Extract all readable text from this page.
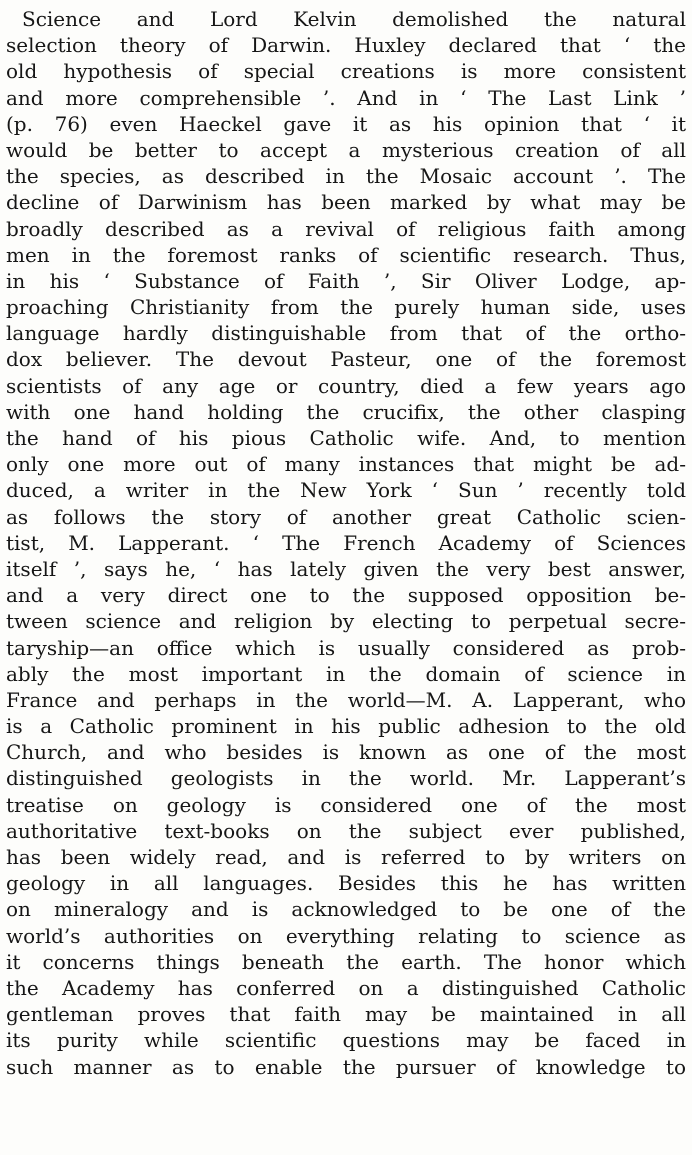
Science and Lord Kelvin demolished the natural
selection theory of Darwin. Huxley declared that ‘ the
old hypothesis of special creations is more consistent
and more comprehensible ’. And in ‘ The Last Link ’
(p. 76) even Haeckel gave it as his opinion that ‘ it
would be better to accept a mysterious creation of all
the species, as described in the Mosaic account ’. The
decline of Darwinism has been marked by what may be
broadly described as a revival of religious faith among
men in the foremost ranks of scientific research. Thus,
in his ‘ Substance of Faith ’, Sir Oliver Lodge, ap-
proaching Christianity from the purely human side, uses
language hardly distinguishable from that of the ortho-
dox believer. The devout Pasteur, one of the foremost
scientists of any age or country, died a few years ago
with one hand holding the crucifix, the other clasping
the hand of his pious Catholic wife. And, to mention
only one more out of many instances that might be ad-
duced, a writer in the New York ‘ Sun ’ recently told
as follows the story of another great Catholic scien-
tist, M. Lapperant. ‘ The French Academy of Sciences
itself ’, says he, ‘ has lately given the very best answer,
and a very direct one to the supposed opposition be-
tween science and religion by electing to perpetual secre-
taryship—an office which is usually considered as prob-
ably the most important in the domain of science in
France and perhaps in the world—M. A. Lapperant, who
is a Catholic prominent in his public adhesion to the old
Church, and who besides is known as one of the most
distinguished geologists in the world. Mr. Lapperant’s
treatise on geology is considered one of the most
authoritative text-books on the subject ever published,
has been widely read, and is referred to by writers on
geology in all languages. Besides this he has written
on mineralogy and is acknowledged to be one of the
world’s authorities on everything relating to science as
it concerns things beneath the earth. The honor which
the Academy has conferred on a distinguished Catholic
gentleman proves that faith may be maintained in all
its purity while scientific questions may be faced in
such manner as to enable the pursuer of knowledge to
